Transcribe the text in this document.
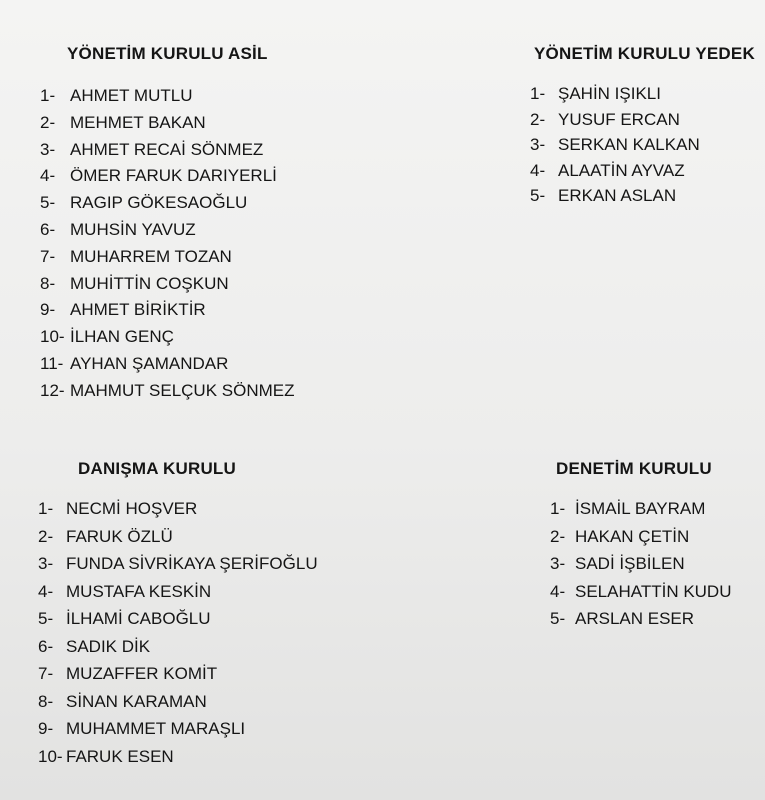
YÖNETİM KURULU ASİL
1- AHMET MUTLU
2- MEHMET BAKAN
3- AHMET RECAİ SÖNMEZ
4- ÖMER FARUK DARIYERLİ
5- RAGIP GÖKESAOĞLU
6- MUHSİN YAVUZ
7- MUHARREM TOZAN
8- MUHİTTİN COŞKUN
9- AHMET BİRİKTİR
10- İLHAN GENÇ
11- AYHAN ŞAMANDAR
12- MAHMUT SELÇUK SÖNMEZ
YÖNETİM KURULU YEDEK
1- ŞAHİN IŞIKLI
2- YUSUF ERCAN
3- SERKAN KALKAN
4- ALAATİN AYVAZ
5- ERKAN ASLAN
DANIŞMA KURULU
1- NECMİ HOŞVER
2- FARUK ÖZLÜ
3- FUNDA SİVRİKAYA ŞERİFOĞLU
4- MUSTAFA KESKİN
5- İLHAMİ CABOĞLU
6- SADIK DİK
7- MUZAFFER KOMİT
8- SİNAN KARAMAN
9- MUHAMMET MARAŞLI
10- FARUK ESEN
DENETİM KURULU
1- İSMAİL BAYRAM
2- HAKAN ÇETİN
3- SADİ İŞBİLEN
4- SELAHATTİN KUDU
5- ARSLAN ESER
